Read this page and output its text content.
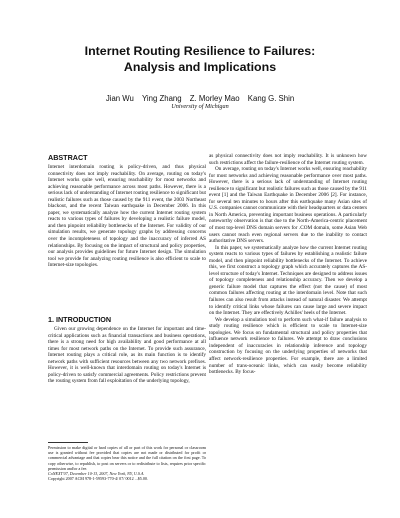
Internet Routing Resilience to Failures:
Analysis and Implications
Jian Wu Ying Zhang Z. Morley Mao Kang G. Shin
University of Michigan
ABSTRACT

Internet interdomain routing is policy-driven, and thus physical connectivity does not imply reachability. On average, routing on today's Internet works quite well, ensuring reachability for most networks and achieving reasonable performance across most paths. However, there is a serious lack of understanding of Internet routing resilience to significant but realistic failures such as those caused by the 911 event, the 2003 Northeast blackout, and the recent Taiwan earthquake in December 2006. In this paper, we systematically analyze how the current Internet routing system reacts to various types of failures by developing a realistic failure model, and then pinpoint reliability bottlenecks of the Internet. For validity of our simulation results, we generate topology graphs by addressing concerns over the incompleteness of topology and the inaccuracy of inferred AS relationships. By focusing on the impact of structural and policy properties, our analysis provides guidelines for future Internet design. The simulation tool we provide for analyzing routing resilience is also efficient to scale to Internet-size topologies.

1. INTRODUCTION

Given our growing dependence on the Internet for important and time-critical applications such as financial transactions and business operations, there is a strong need for high availability and good performance at all times for most network paths on the Internet. To provide such assurance, Internet routing plays a critical role, as its main function is to identify network paths with sufficient resources between any two network prefixes. However, it is well-known that interdomain routing on today's Internet is policy-driven to satisfy commercial agreements. Policy restrictions prevent the routing system from fall exploitation of the underlying topology,

Permission to make digital or hard copies of all or part of this work for personal or classroom use is granted without fee provided that copies are not made or distributed for profit or commercial advantage and that copies bear this notice and the full citation on the first page. To copy otherwise, to republish, to post on servers or to redistribute to lists, requires prior specific permission and/or a fee.
CoNEXT'07, December 10-13, 2007, New York, NY, U.S.A.
Copyright 2007 ACM 978-1-59593-770-4/ 07/ 0012 ...$5.00.

as physical connectivity does not imply reachability. It is unknown how such restrictions affect the failure-resilience of the Internet routing system.

On average, routing on today's Internet works well, ensuring reachability for most networks and achieving reasonable performance over most paths. However, there is a serious lack of understanding of Internet routing resilience to significant but realistic failures such as those caused by the 911 event [1] and the Taiwan Earthquake in December 2006 [2]. For instance, for several ten minutes to hours after this earthquake many Asian sites of U.S. companies cannot communicate with their headquarters or data centers in North America, preventing important business operations. A particularly noteworthy observation is that due to the North-America-centric placement of most top-level DNS domain servers for .COM domain, some Asian Web users cannot reach even regional servers due to the inability to contact authoritative DNS servers.

In this paper, we systematically analyze how the current Internet routing system reacts to various types of failures by establishing a realistic failure model, and then pinpoint reliability bottlenecks of the Internet. To achieve this, we first construct a topology graph which accurately captures the AS-level structure of today's Internet. Techniques are designed to address issues of topology completeness and relationship accuracy. Then we develop a generic failure model that captures the effect (not the cause) of most common failures affecting routing at the interdomain level. Note that such failures can also result from attacks instead of natural disaster. We attempt to identify critical links whose failures can cause large and severe impact on the Internet. They are effectively Achilles' heels of the Internet.

We develop a simulation tool to perform such what-if failure analysis to study routing resilience which is efficient to scale to Internet-size topologies. We focus on fundamental structural and policy properties that influence network resilience to failures. We attempt to draw conclusions independent of inaccuracies in relationship inference and topology construction by focusing on the underlying properties of networks that affect network-resilience properties. For example, there are a limited number of trans-oceanic links, which can easily become reliability bottlenecks. By focus-
